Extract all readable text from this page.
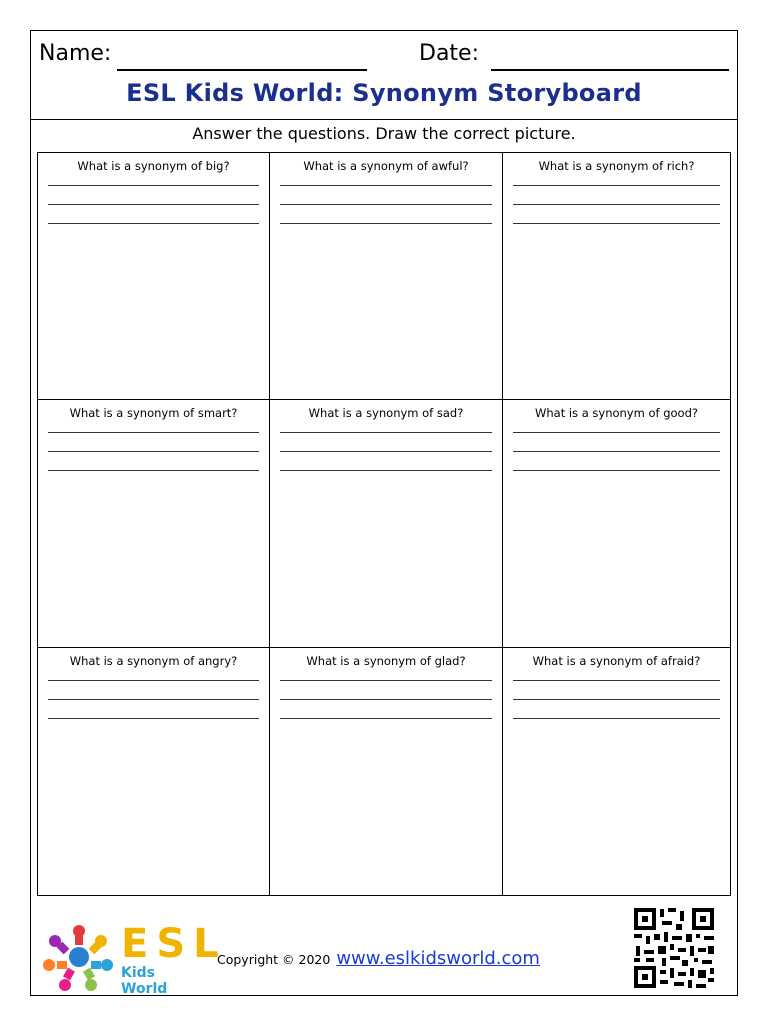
Name:	Date:
ESL Kids World: Synonym Storyboard
Answer the questions. Draw the correct picture.
What is a synonym of big?	What is a synonym of awful?	What is a synonym of rich?
What is a synonym of smart?	What is a synonym of sad?	What is a synonym of good?
What is a synonym of angry?	What is a synonym of glad?	What is a synonym of afraid?
ESL
Kids World
Copyright © 2020 www.eslkidsworld.com
